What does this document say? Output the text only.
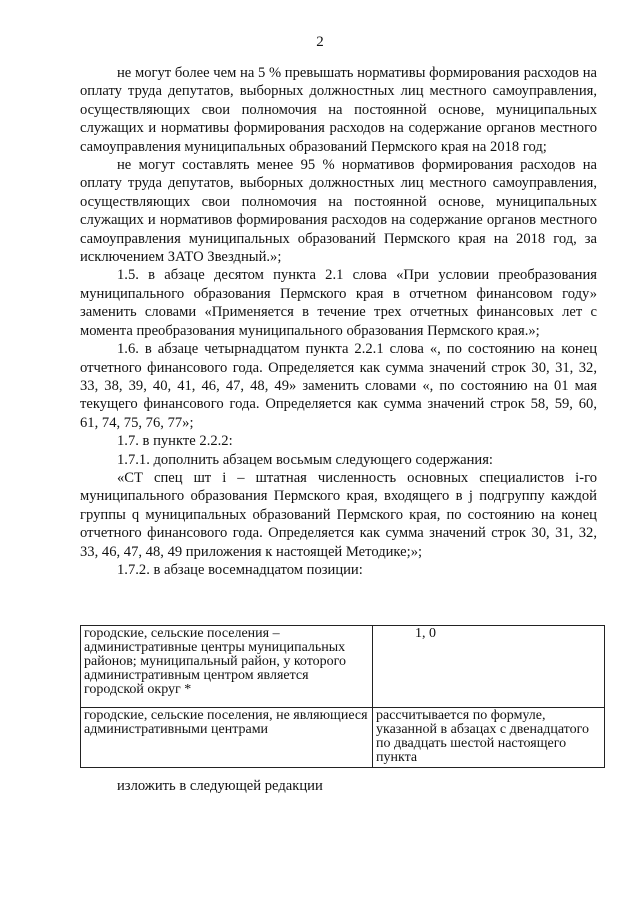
2

не могут более чем на 5 % превышать нормативы формирования расходов на оплату труда депутатов, выборных должностных лиц местного самоуправления, осуществляющих свои полномочия на постоянной основе, муниципальных служащих и нормативы формирования расходов на содержание органов местного самоуправления муниципальных образований Пермского края на 2018 год;

не могут составлять менее 95 % нормативов формирования расходов на оплату труда депутатов, выборных должностных лиц местного самоуправления, осуществляющих свои полномочия на постоянной основе, муниципальных служащих и нормативов формирования расходов на содержание органов местного самоуправления муниципальных образований Пермского края на 2018 год, за исключением ЗАТО Звездный.»;

1.5. в абзаце десятом пункта 2.1 слова «При условии преобразования муниципального образования Пермского края в отчетном финансовом году» заменить словами «Применяется в течение трех отчетных финансовых лет с момента преобразования муниципального образования Пермского края.»;

1.6. в абзаце четырнадцатом пункта 2.2.1 слова «, по состоянию на конец отчетного финансового года. Определяется как сумма значений строк 30, 31, 32, 33, 38, 39, 40, 41, 46, 47, 48, 49» заменить словами «, по состоянию на 01 мая текущего финансового года. Определяется как сумма значений строк 58, 59, 60, 61, 74, 75, 76, 77»;

1.7. в пункте 2.2.2:

1.7.1. дополнить абзацем восьмым следующего содержания:

«СТ спец шт i – штатная численность основных специалистов i-го муниципального образования Пермского края, входящего в j подгруппу каждой группы q муниципальных образований Пермского края, по состоянию на конец отчетного финансового года. Определяется как сумма значений строк 30, 31, 32, 33, 46, 47, 48, 49 приложения к настоящей Методике;»;

1.7.2. в абзаце восемнадцатом позиции:

городские, сельские поселения – административные центры муниципальных районов; муниципальный район, у которого административным центром является городской округ *	1, 0
городские, сельские поселения, не являющиеся административными центрами	рассчитывается по формуле, указанной в абзацах с двенадцатого по двадцать шестой настоящего пункта
изложить в следующей редакции
